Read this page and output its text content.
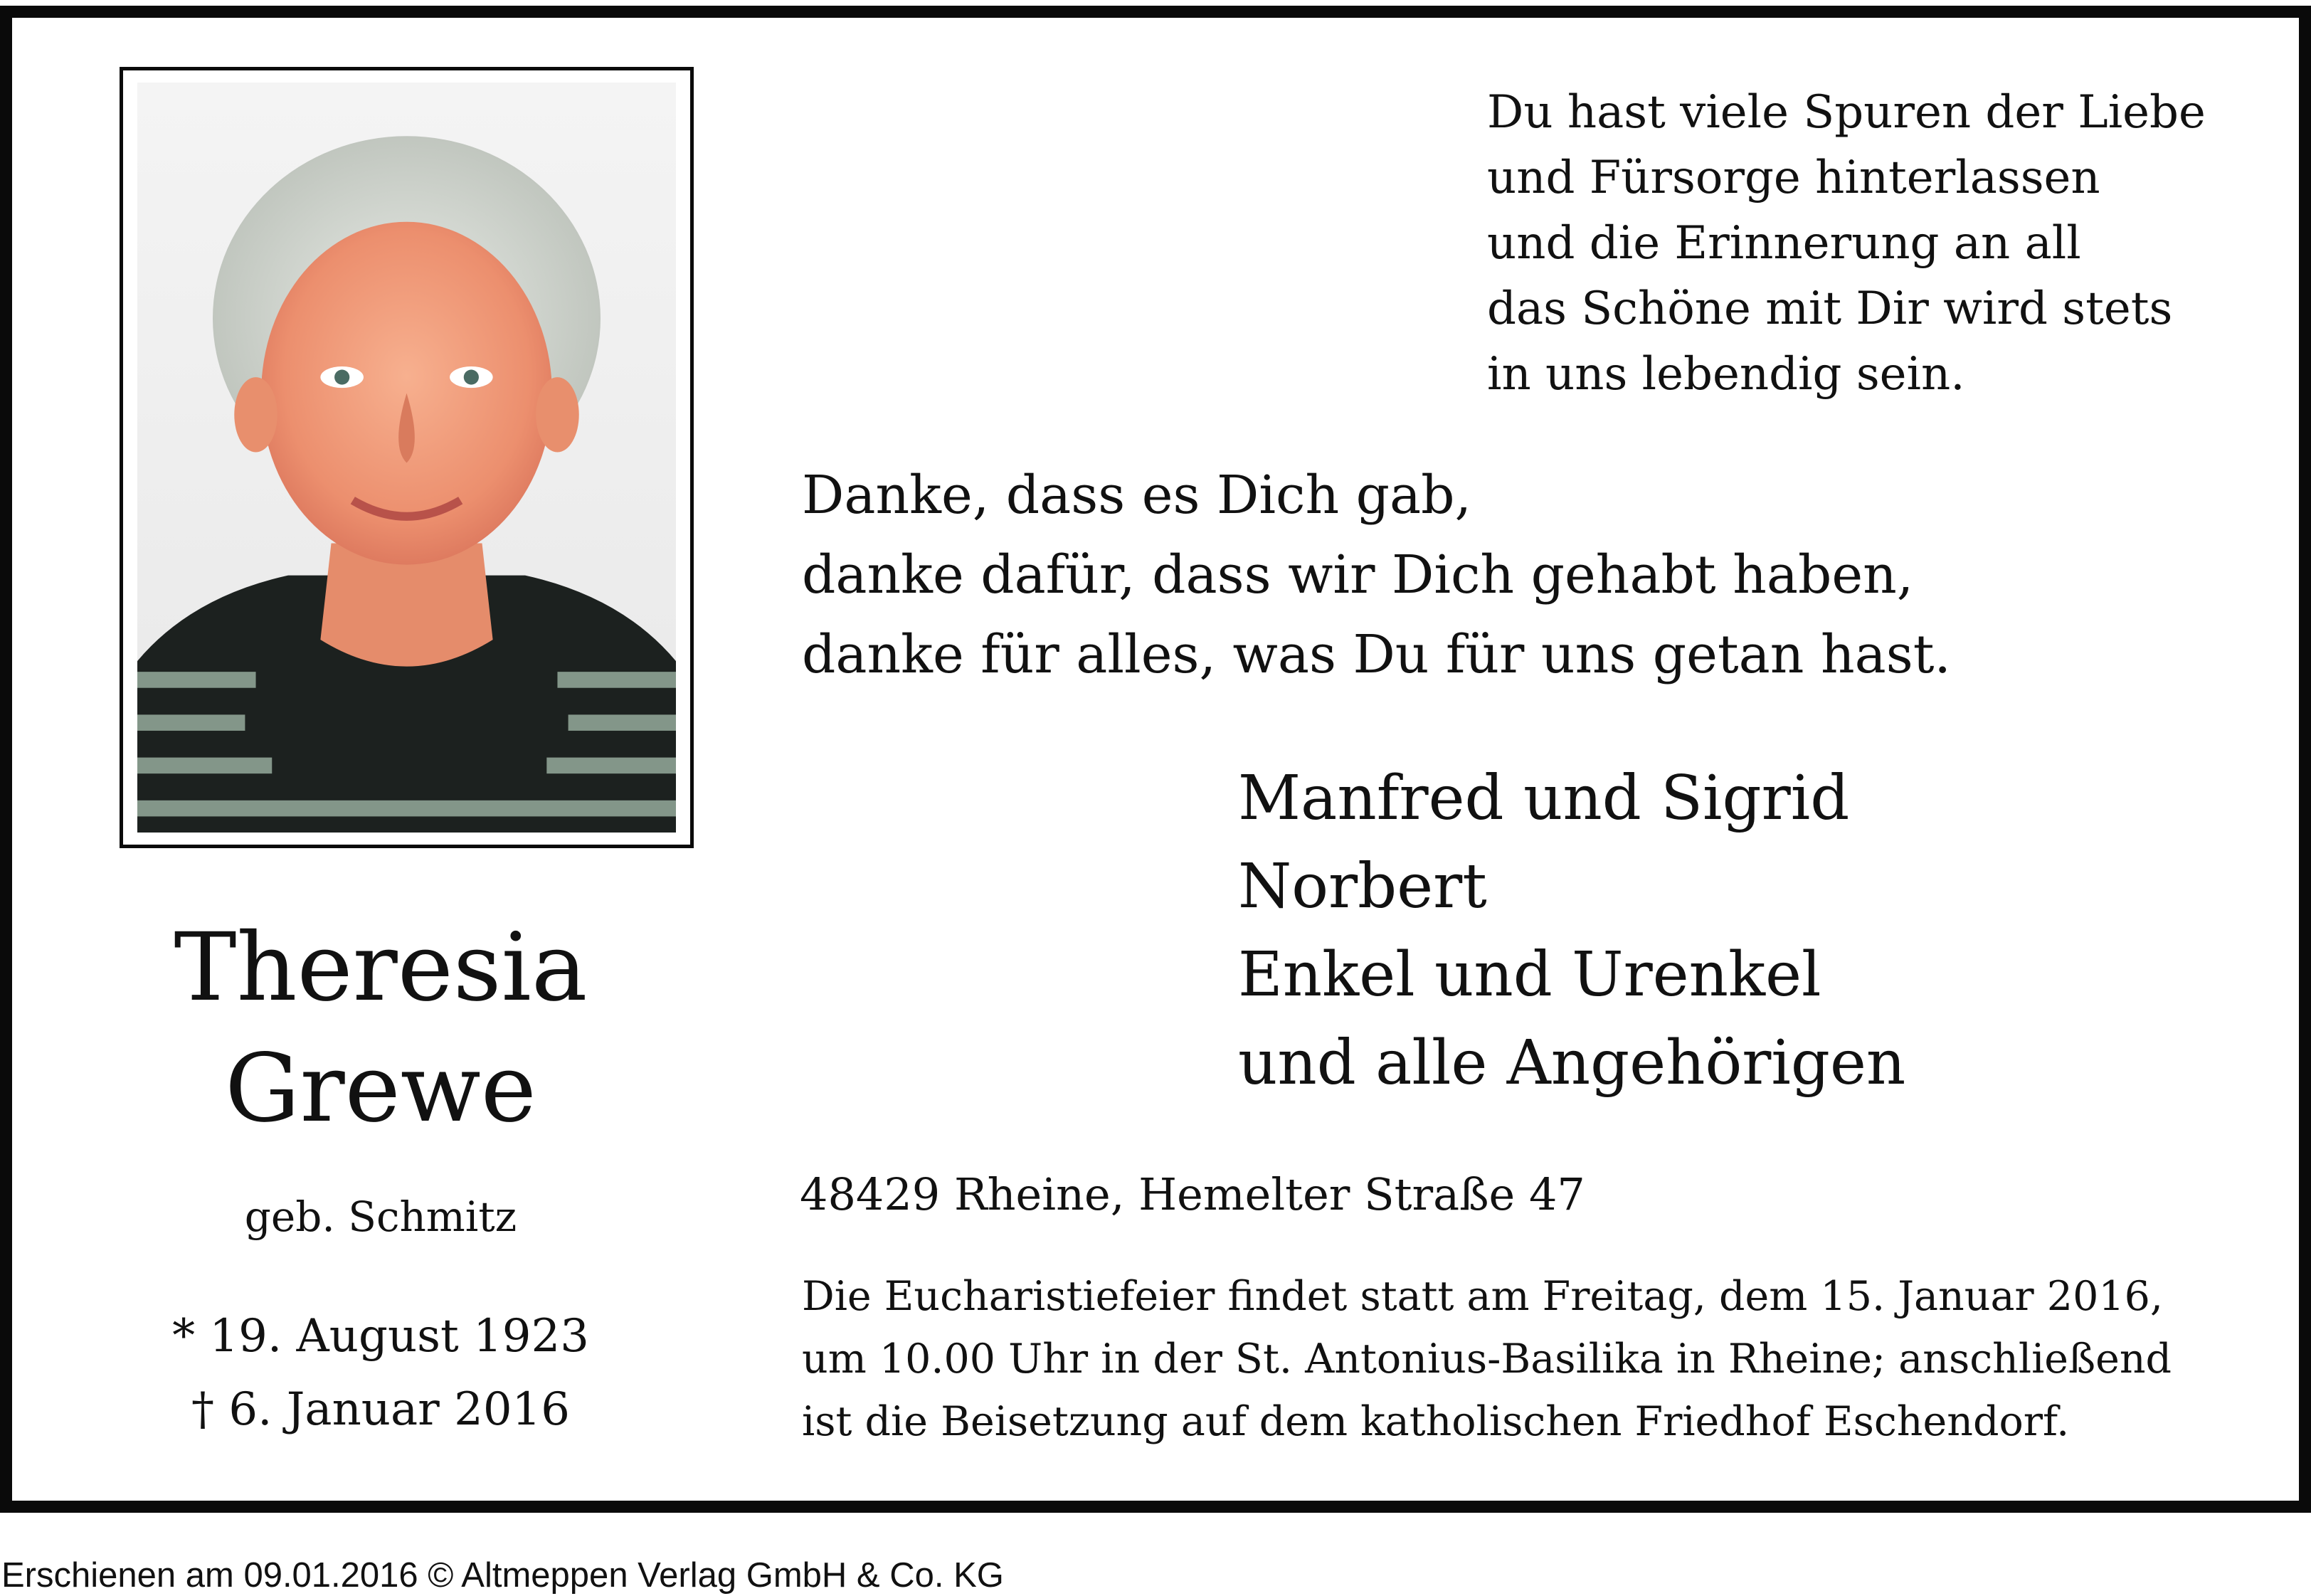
Theresia
Grewe
geb. Schmitz
* 19. August 1923
† 6. Januar 2016
Du hast viele Spuren der Liebe
und Fürsorge hinterlassen
und die Erinnerung an all
das Schöne mit Dir wird stets
in uns lebendig sein.
Danke, dass es Dich gab,
danke dafür, dass wir Dich gehabt haben,
danke für alles, was Du für uns getan hast.
Manfred und Sigrid
Norbert
Enkel und Urenkel
und alle Angehörigen
48429 Rheine, Hemelter Straße 47
Die Eucharistiefeier findet statt am Freitag, dem 15. Januar 2016,
um 10.00 Uhr in der St. Antonius-Basilika in Rheine; anschließend
ist die Beisetzung auf dem katholischen Friedhof Eschendorf.
Erschienen am 09.01.2016 © Altmeppen Verlag GmbH & Co. KG
